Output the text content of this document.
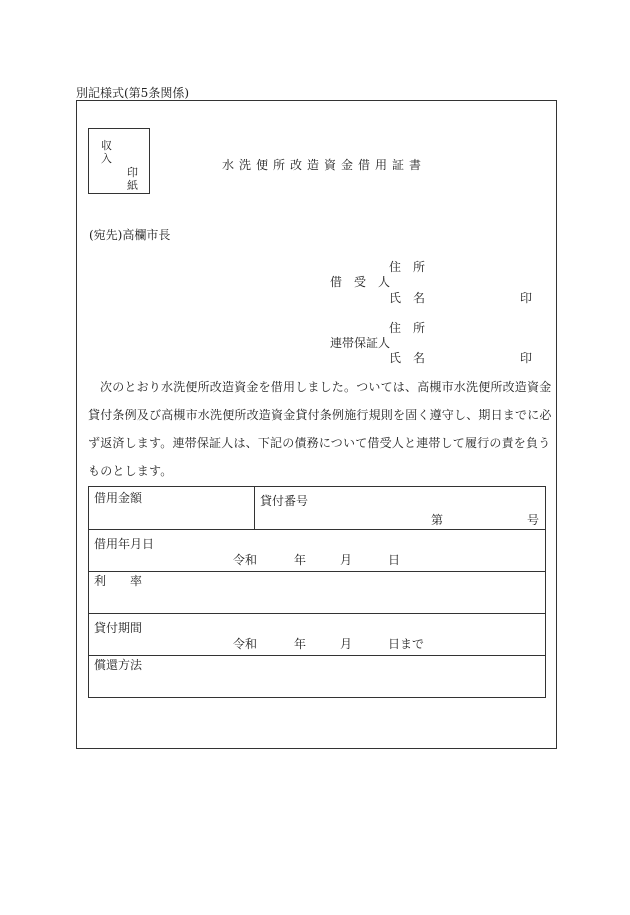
別記様式(第5条関係)
収
入
印
紙
水洗便所改造資金借用証書
(宛先)高欄市長
住　所
借　受　人
氏　名	印
住　所
連帯保証人
氏　名	印
次のとおり水洗便所改造資金を借用しました。ついては、高槻市水洗便所改造資金貸付条例及び高槻市水洗便所改造資金貸付条例施行規則を固く遵守し、期日までに必ず返済します。連帯保証人は、下記の債務について借受人と連帯して履行の責を負うものとします。
借用金額	貸付番号
第	号
借用年月日
令和	年	月	日
利　　率
貸付期間
令和	年	月	日まで
償還方法
